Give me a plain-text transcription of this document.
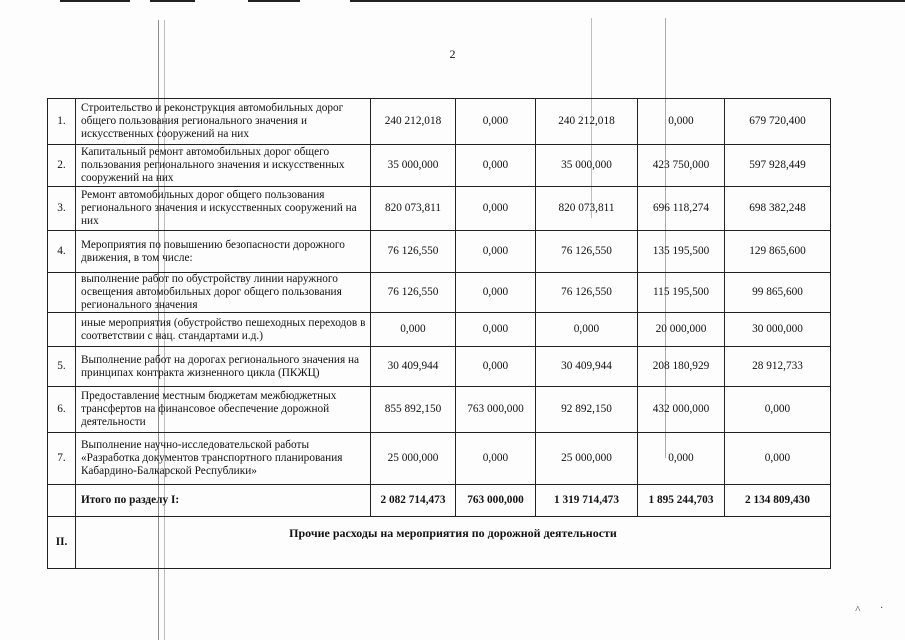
2
1.	Строительство и реконструкция автомобильных дорог общего пользования регионального значения и искусственных сооружений на них	240 212,018	0,000	240 212,018	0,000	679 720,400
2.	Капитальный ремонт автомобильных дорог общего пользования регионального значения и искусственных сооружений на них	35 000,000	0,000	35 000,000	423 750,000	597 928,449
3.	Ремонт автомобильных дорог общего пользования регионального значения и искусственных сооружений на них	820 073,811	0,000	820 073,811	696 118,274	698 382,248
4.	Мероприятия по повышению безопасности дорожного движения, в том числе:	76 126,550	0,000	76 126,550	135 195,500	129 865,600
	выполнение работ по обустройству линии наружного освещения автомобильных дорог общего пользования регионального значения	76 126,550	0,000	76 126,550	115 195,500	99 865,600
	иные мероприятия (обустройство пешеходных переходов в соответствии с нац. стандартами и.д.)	0,000	0,000	0,000	20 000,000	30 000,000
5.	Выполнение работ на дорогах регионального значения на принципах контракта жизненного цикла (ПКЖЦ)	30 409,944	0,000	30 409,944	208 180,929	28 912,733
6.	Предоставление местным бюджетам межбюджетных трансфертов на финансовое обеспечение дорожной деятельности	855 892,150	763 000,000	92 892,150	432 000,000	0,000
7.	Выполнение научно-исследовательской работы «Разработка документов транспортного планирования Кабардино-Балкарской Республики»	25 000,000	0,000	25 000,000	0,000	0,000
	Итого по разделу I:	2 082 714,473	763 000,000	1 319 714,473	1 895 244,703	2 134 809,430
II.	Прочие расходы на мероприятия по дорожной деятельности					
˄ ·
